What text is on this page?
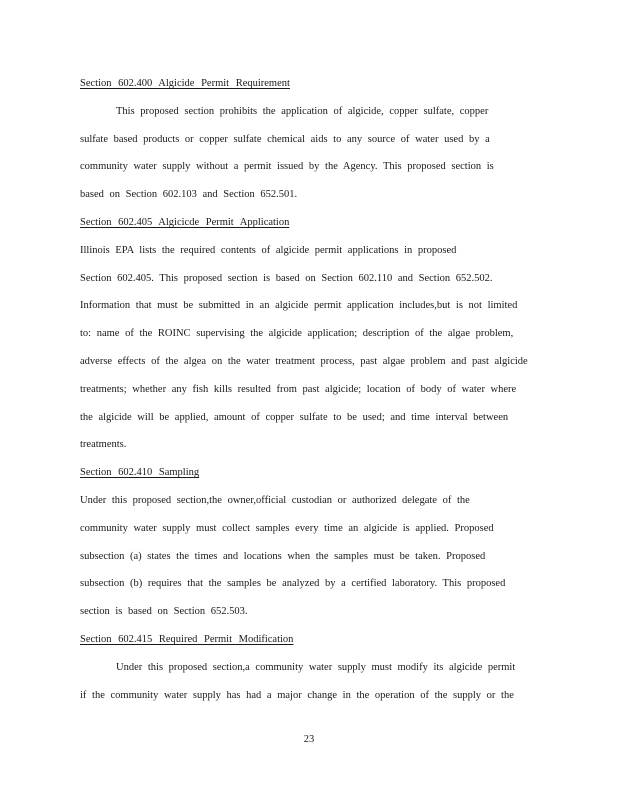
Section 602.400 Algicide Permit Requirement
This proposed section prohibits the application of algicide, copper sulfate, copper
sulfate based products or copper sulfate chemical aids to any source of water used by a
community water supply without a permit issued by the Agency. This proposed section is
based on Section 602.103 and Section 652.501.
Section 602.405 Algicicde Permit Application
Illinois EPA lists the required contents of algicide permit applications in proposed
Section 602.405. This proposed section is based on Section 602.110 and Section 652.502.
Information that must be submitted in an algicide permit application includes,but is not limited
to: name of the ROINC supervising the algicide application; description of the algae problem,
adverse effects of the algea on the water treatment process, past algae problem and past algicide
treatments; whether any fish kills resulted from past algicide; location of body of water where
the algicide will be applied, amount of copper sulfate to be used; and time interval between
treatments.
Section 602.410 Sampling
Under this proposed section,the owner,official custodian or authorized delegate of the
community water supply must collect samples every time an algicide is applied. Proposed
subsection (a) states the times and locations when the samples must be taken. Proposed
subsection (b) requires that the samples be analyzed by a certified laboratory. This proposed
section is based on Section 652.503.
Section 602.415 Required Permit Modification
Under this proposed section,a community water supply must modify its algicide permit
if the community water supply has had a major change in the operation of the supply or the
23
